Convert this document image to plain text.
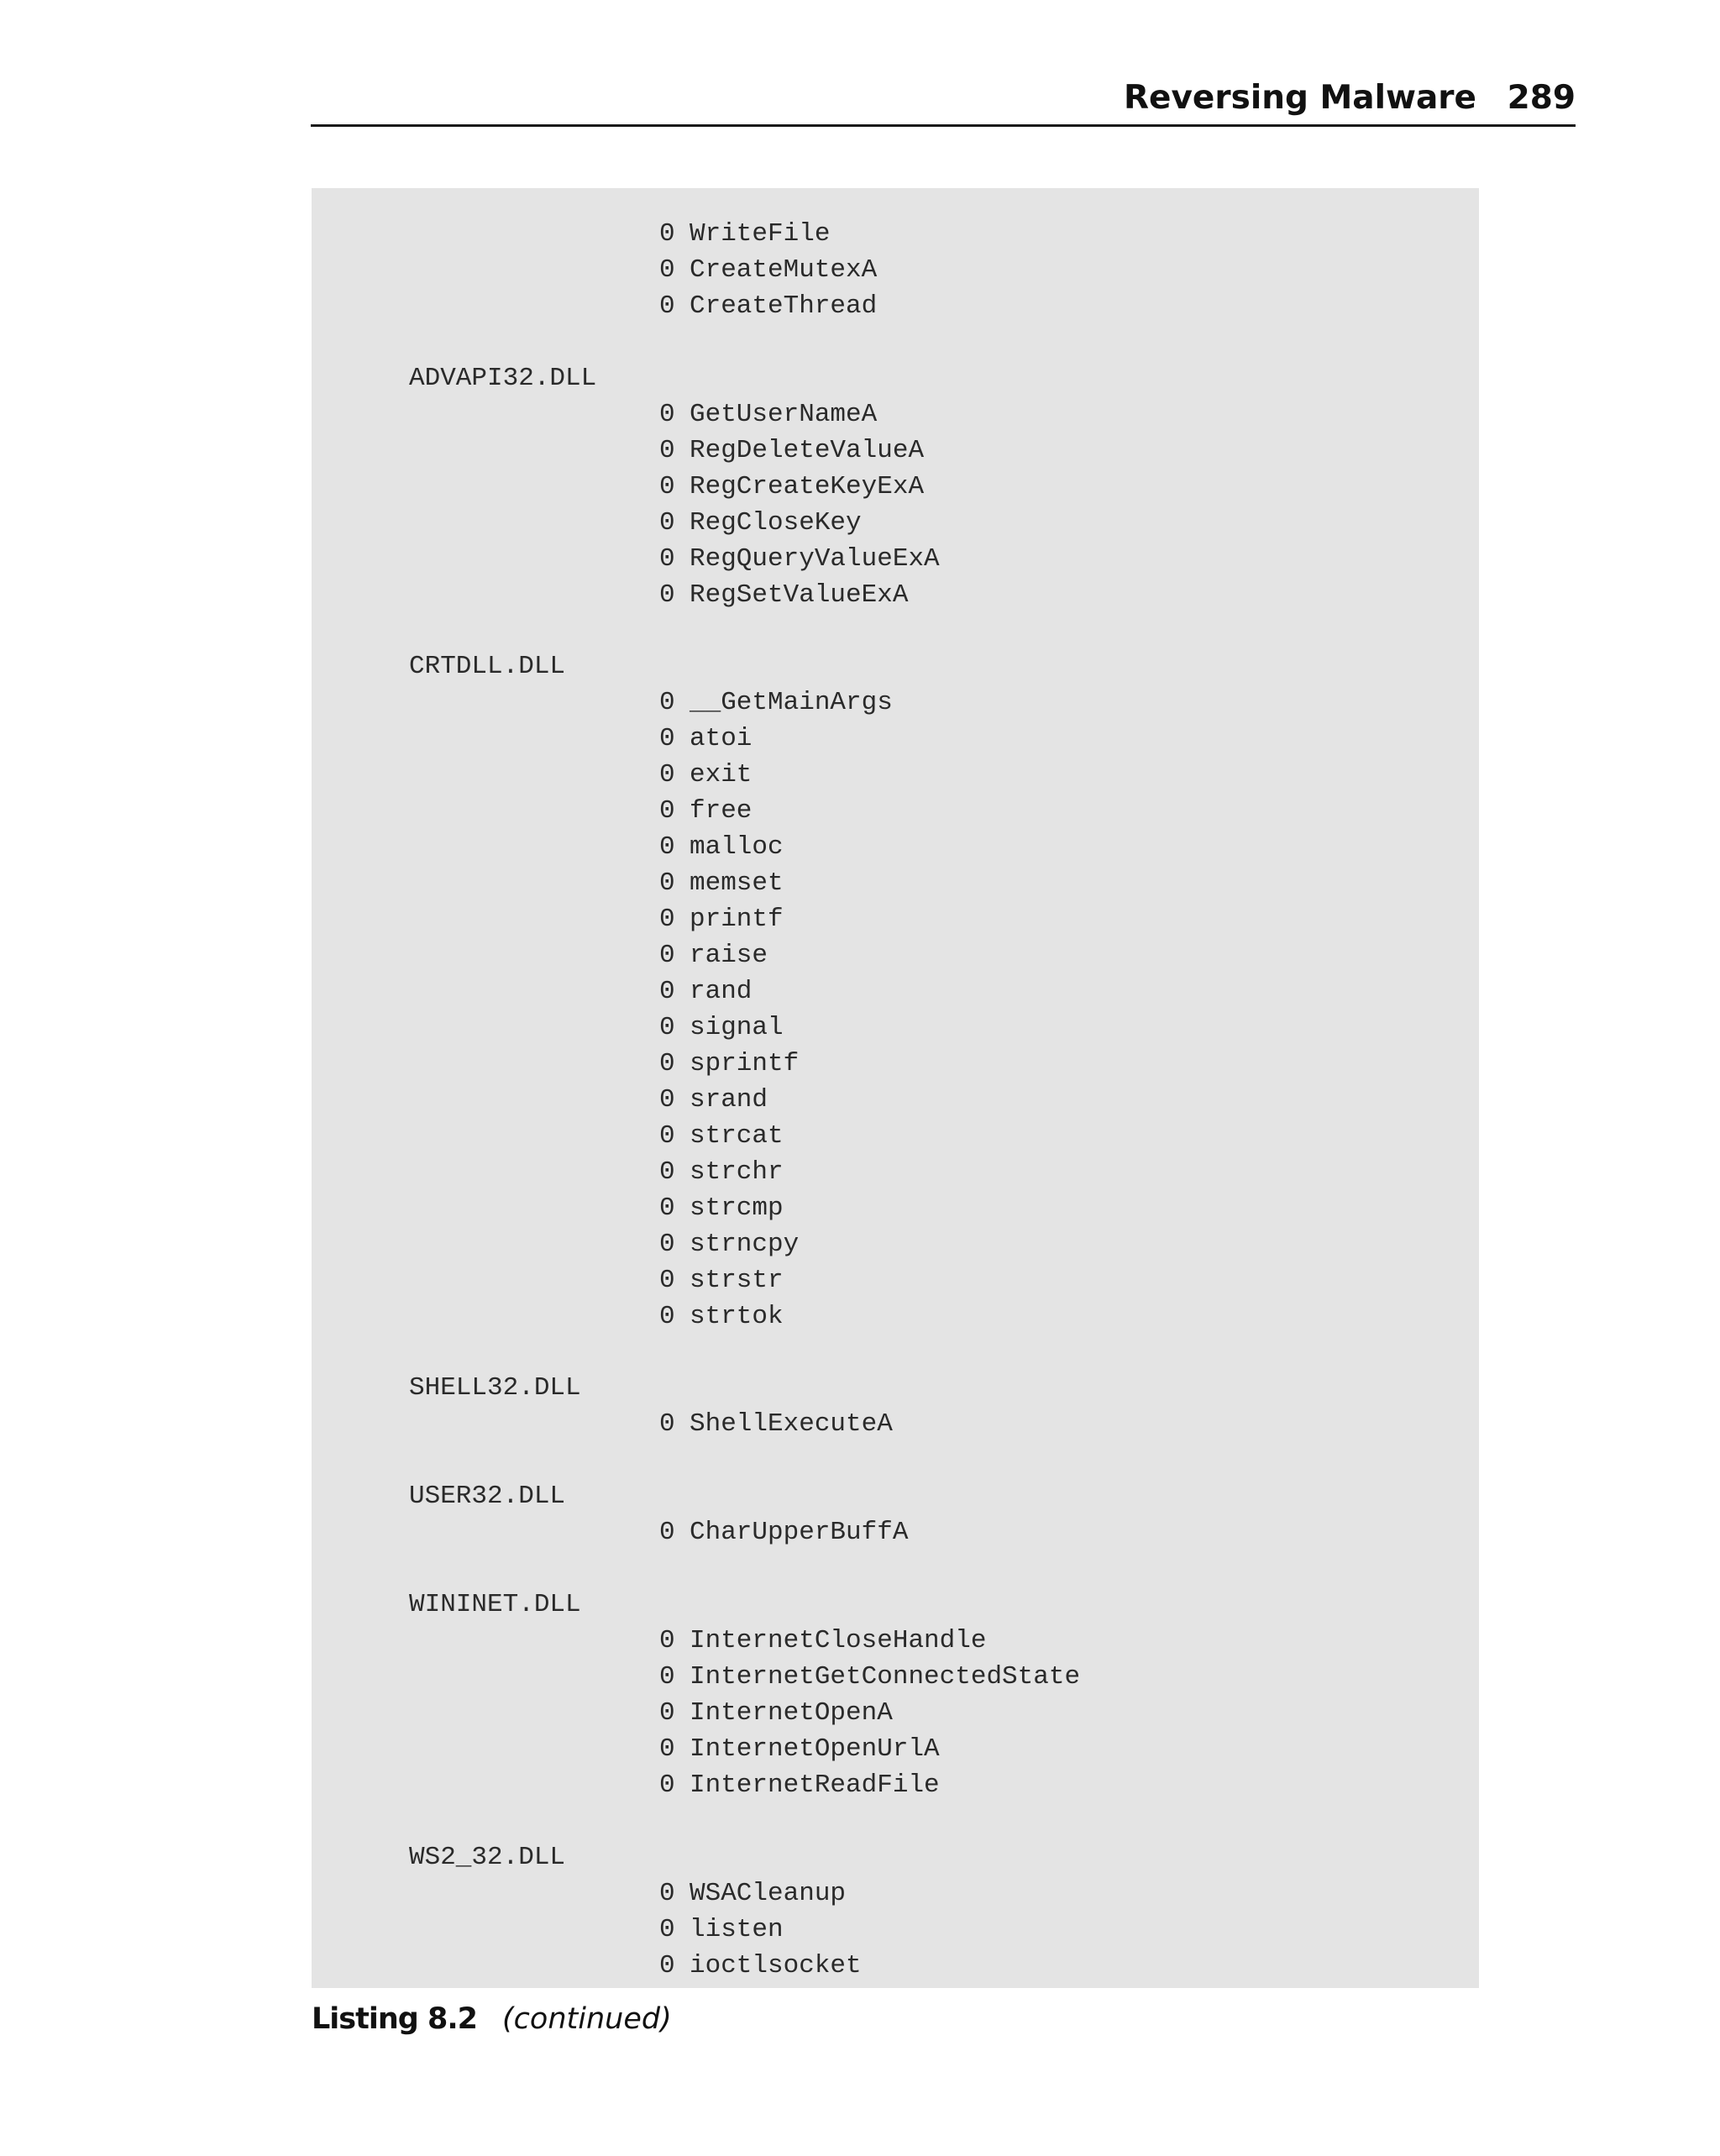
Reversing Malware 289
0 WriteFile
0 CreateMutexA
0 CreateThread
ADVAPI32.DLL
0 GetUserNameA
0 RegDeleteValueA
0 RegCreateKeyExA
0 RegCloseKey
0 RegQueryValueExA
0 RegSetValueExA
CRTDLL.DLL
0 __GetMainArgs
0 atoi
0 exit
0 free
0 malloc
0 memset
0 printf
0 raise
0 rand
0 signal
0 sprintf
0 srand
0 strcat
0 strchr
0 strcmp
0 strncpy
0 strstr
0 strtok
SHELL32.DLL
0 ShellExecuteA
USER32.DLL
0 CharUpperBuffA
WININET.DLL
0 InternetCloseHandle
0 InternetGetConnectedState
0 InternetOpenA
0 InternetOpenUrlA
0 InternetReadFile
WS2_32.DLL
0 WSACleanup
0 listen
0 ioctlsocket
Listing 8.2 (continued)
